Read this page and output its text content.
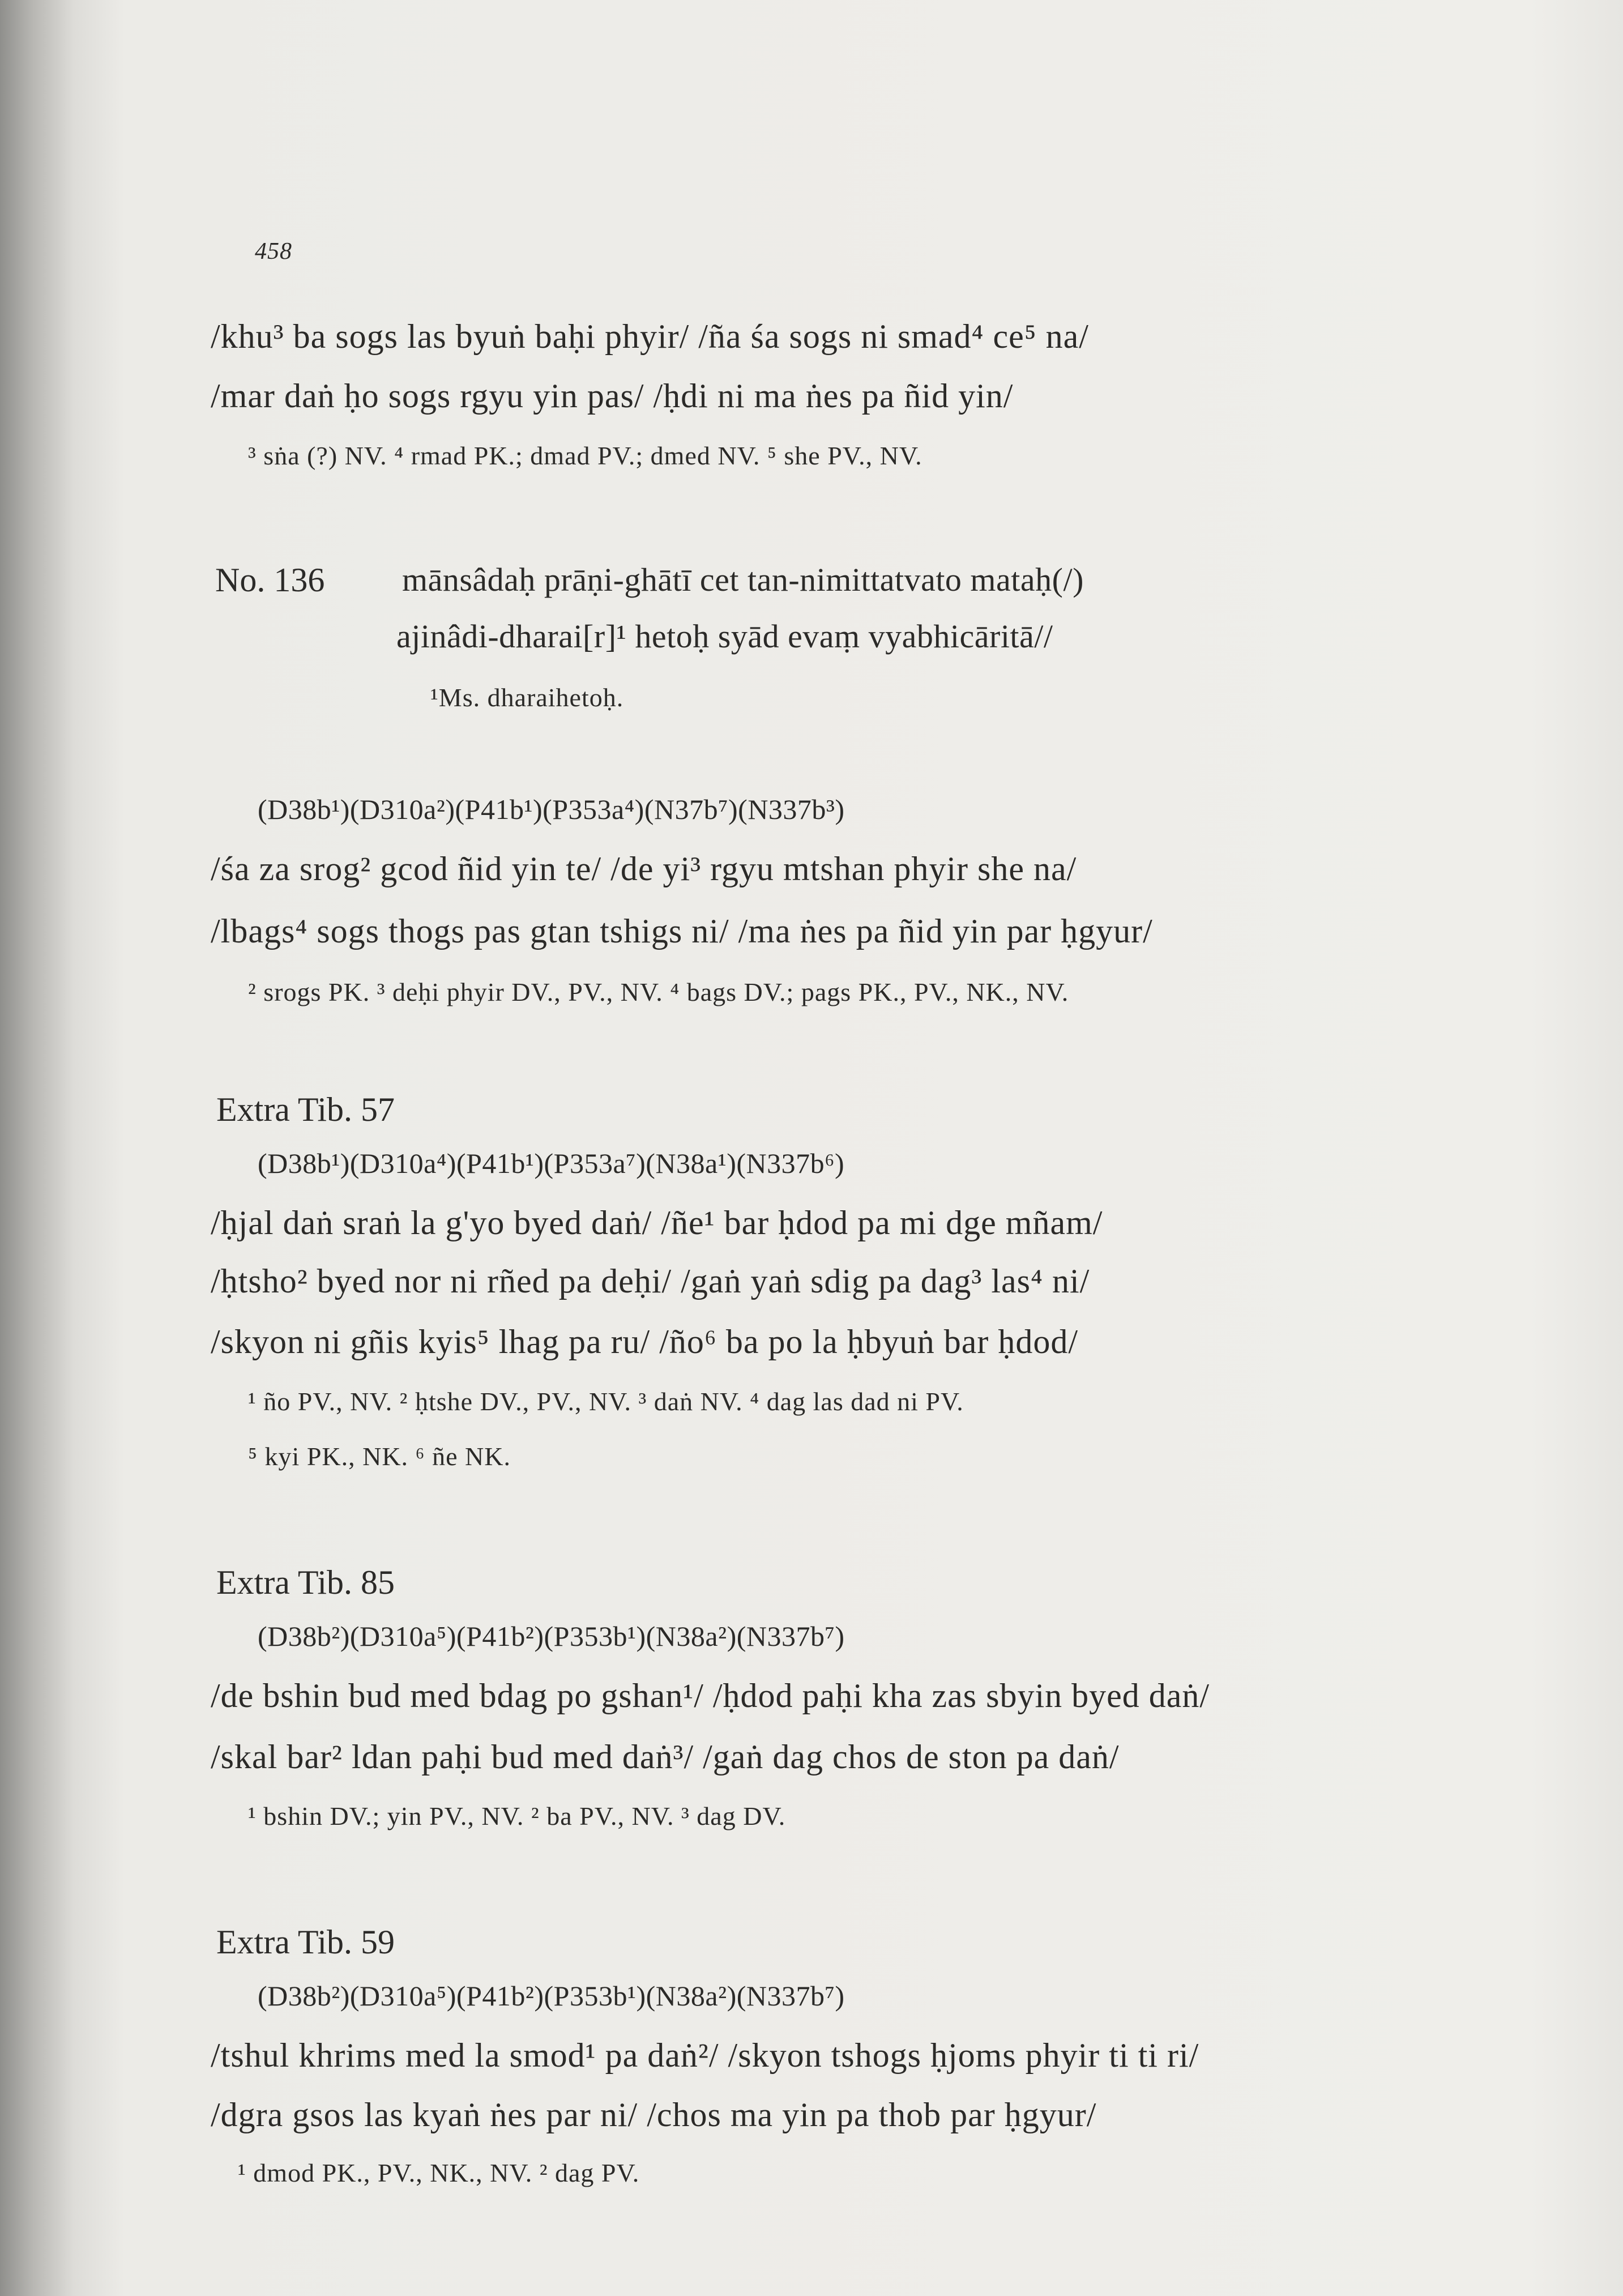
458
/khu³ ba sogs las byuṅ baḥi phyir/ /ña śa sogs ni smad⁴ ce⁵ na/
/mar daṅ ḥo sogs rgyu yin pas/ /ḥdi ni ma ṅes pa ñid yin/
³ sṅa (?) NV. ⁴ rmad PK.; dmad PV.; dmed NV. ⁵ she PV., NV.
No. 136 mānsâdaḥ prāṇi-ghātī cet tan-nimittatvato mataḥ(/)
ajinâdi-dharai[r]¹ hetoḥ syād evaṃ vyabhicāritā//
¹Ms. dharaihetoḥ.
(D38b¹)(D310a²)(P41b¹)(P353a⁴)(N37b⁷)(N337b³)
/śa za srog² gcod ñid yin te/ /de yi³ rgyu mtshan phyir she na/
/lbags⁴ sogs thogs pas gtan tshigs ni/ /ma ṅes pa ñid yin par ḥgyur/
² srogs PK. ³ deḥi phyir DV., PV., NV. ⁴ bags DV.; pags PK., PV., NK., NV.
Extra Tib. 57
(D38b¹)(D310a⁴)(P41b¹)(P353a⁷)(N38a¹)(N337b⁶)
/ḥjal daṅ sraṅ la g'yo byed daṅ/ /ñe¹ bar ḥdod pa mi dge mñam/
/ḥtsho² byed nor ni rñed pa deḥi/ /gaṅ yaṅ sdig pa dag³ las⁴ ni/
/skyon ni gñis kyis⁵ lhag pa ru/ /ño⁶ ba po la ḥbyuṅ bar ḥdod/
¹ ño PV., NV. ² ḥtshe DV., PV., NV. ³ daṅ NV. ⁴ dag las dad ni PV.
⁵ kyi PK., NK. ⁶ ñe NK.
Extra Tib. 85
(D38b²)(D310a⁵)(P41b²)(P353b¹)(N38a²)(N337b⁷)
/de bshin bud med bdag po gshan¹/ /ḥdod paḥi kha zas sbyin byed daṅ/
/skal bar² ldan paḥi bud med daṅ³/ /gaṅ dag chos de ston pa daṅ/
¹ bshin DV.; yin PV., NV. ² ba PV., NV. ³ dag DV.
Extra Tib. 59
(D38b²)(D310a⁵)(P41b²)(P353b¹)(N38a²)(N337b⁷)
/tshul khrims med la smod¹ pa daṅ²/ /skyon tshogs ḥjoms phyir ti ti ri/
/dgra gsos las kyaṅ ṅes par ni/ /chos ma yin pa thob par ḥgyur/
¹ dmod PK., PV., NK., NV. ² dag PV.
